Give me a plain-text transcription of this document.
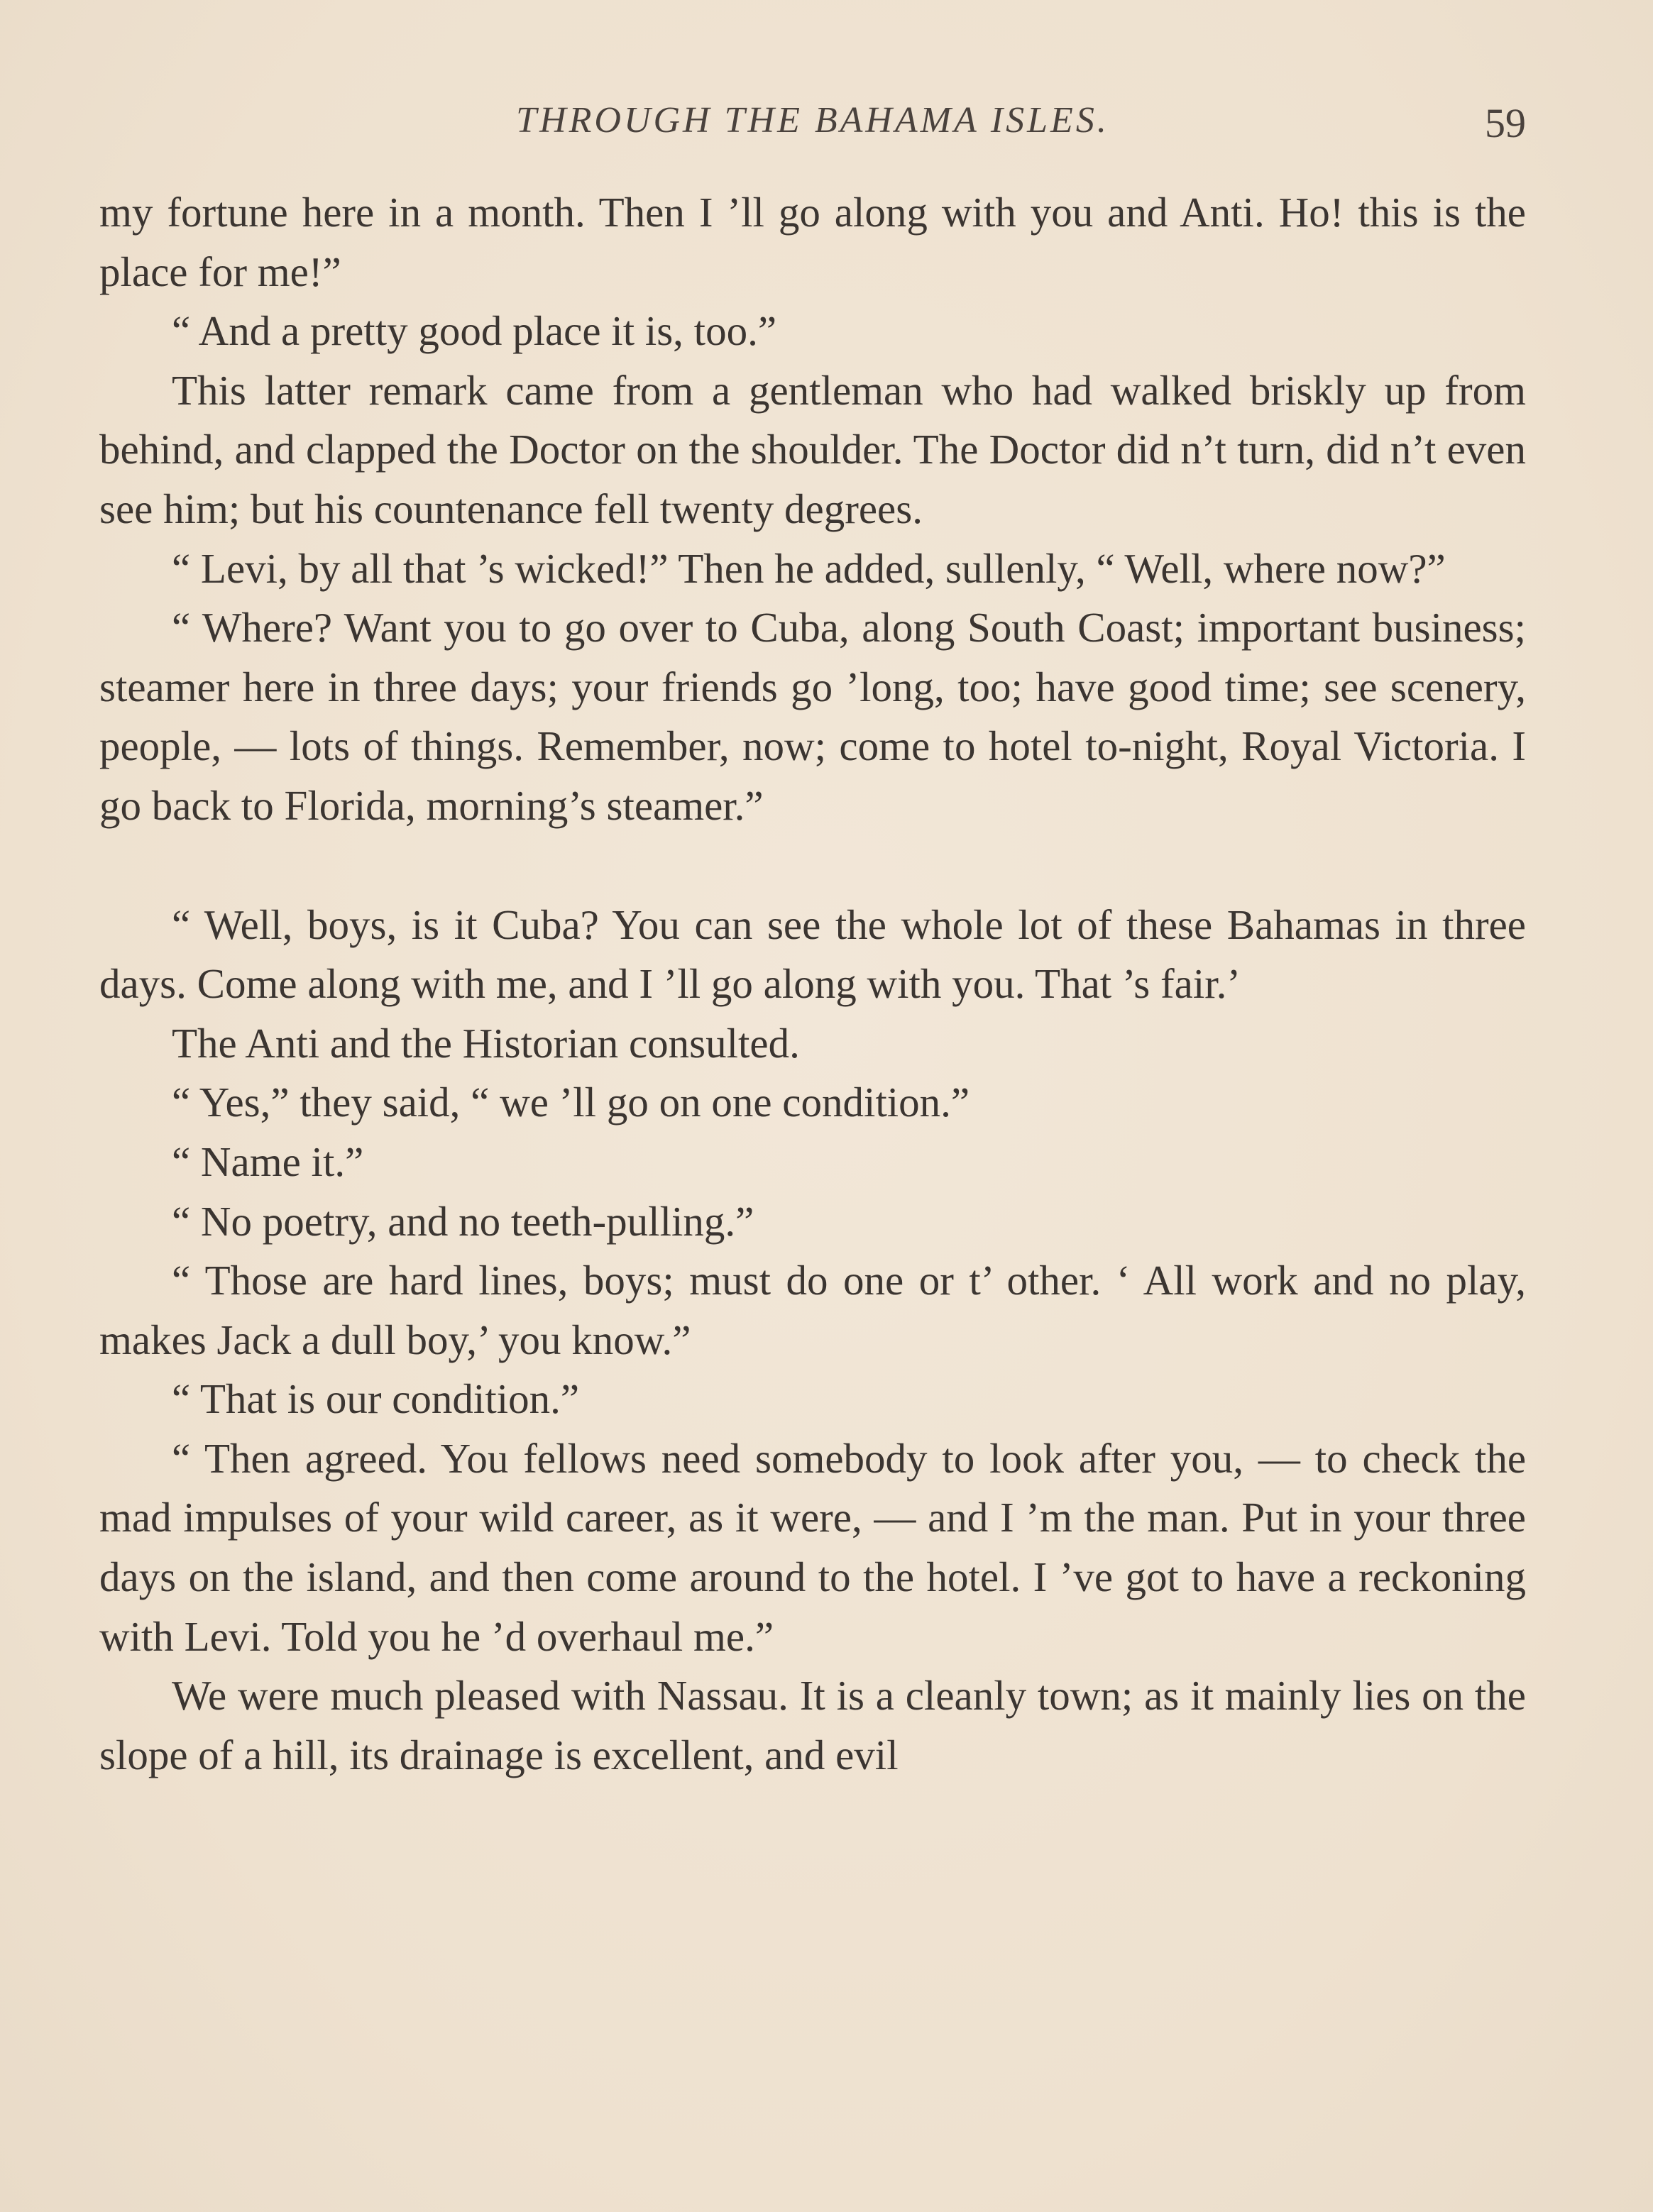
THROUGH THE BAHAMA ISLES.	59

my fortune here in a month. Then I ’ll go along with you and Anti. Ho! this is the place for me!”

“ And a pretty good place it is, too.”

This latter remark came from a gentleman who had walked briskly up from behind, and clapped the Doctor on the shoulder. The Doctor did n’t turn, did n’t even see him; but his countenance fell twenty degrees.

“ Levi, by all that ’s wicked!” Then he added, sullenly, “ Well, where now?”

“ Where? Want you to go over to Cuba, along South Coast; important business; steamer here in three days; your friends go ’long, too; have good time; see scenery, people, — lots of things. Remember, now; come to hotel to-night, Royal Victoria. I go back to Florida, morning’s steamer.”

“ Well, boys, is it Cuba? You can see the whole lot of these Bahamas in three days. Come along with me, and I ’ll go along with you. That ’s fair.’

The Anti and the Historian consulted.

“ Yes,” they said, “ we ’ll go on one condition.”

“ Name it.”

“ No poetry, and no teeth-pulling.”

“ Those are hard lines, boys; must do one or t’ other. ‘ All work and no play, makes Jack a dull boy,’ you know.”

“ That is our condition.”

“ Then agreed. You fellows need somebody to look after you, — to check the mad impulses of your wild career, as it were, — and I ’m the man. Put in your three days on the island, and then come around to the hotel. I ’ve got to have a reckoning with Levi. Told you he ’d overhaul me.”

We were much pleased with Nassau. It is a cleanly town; as it mainly lies on the slope of a hill, its drainage is excellent, and evil
